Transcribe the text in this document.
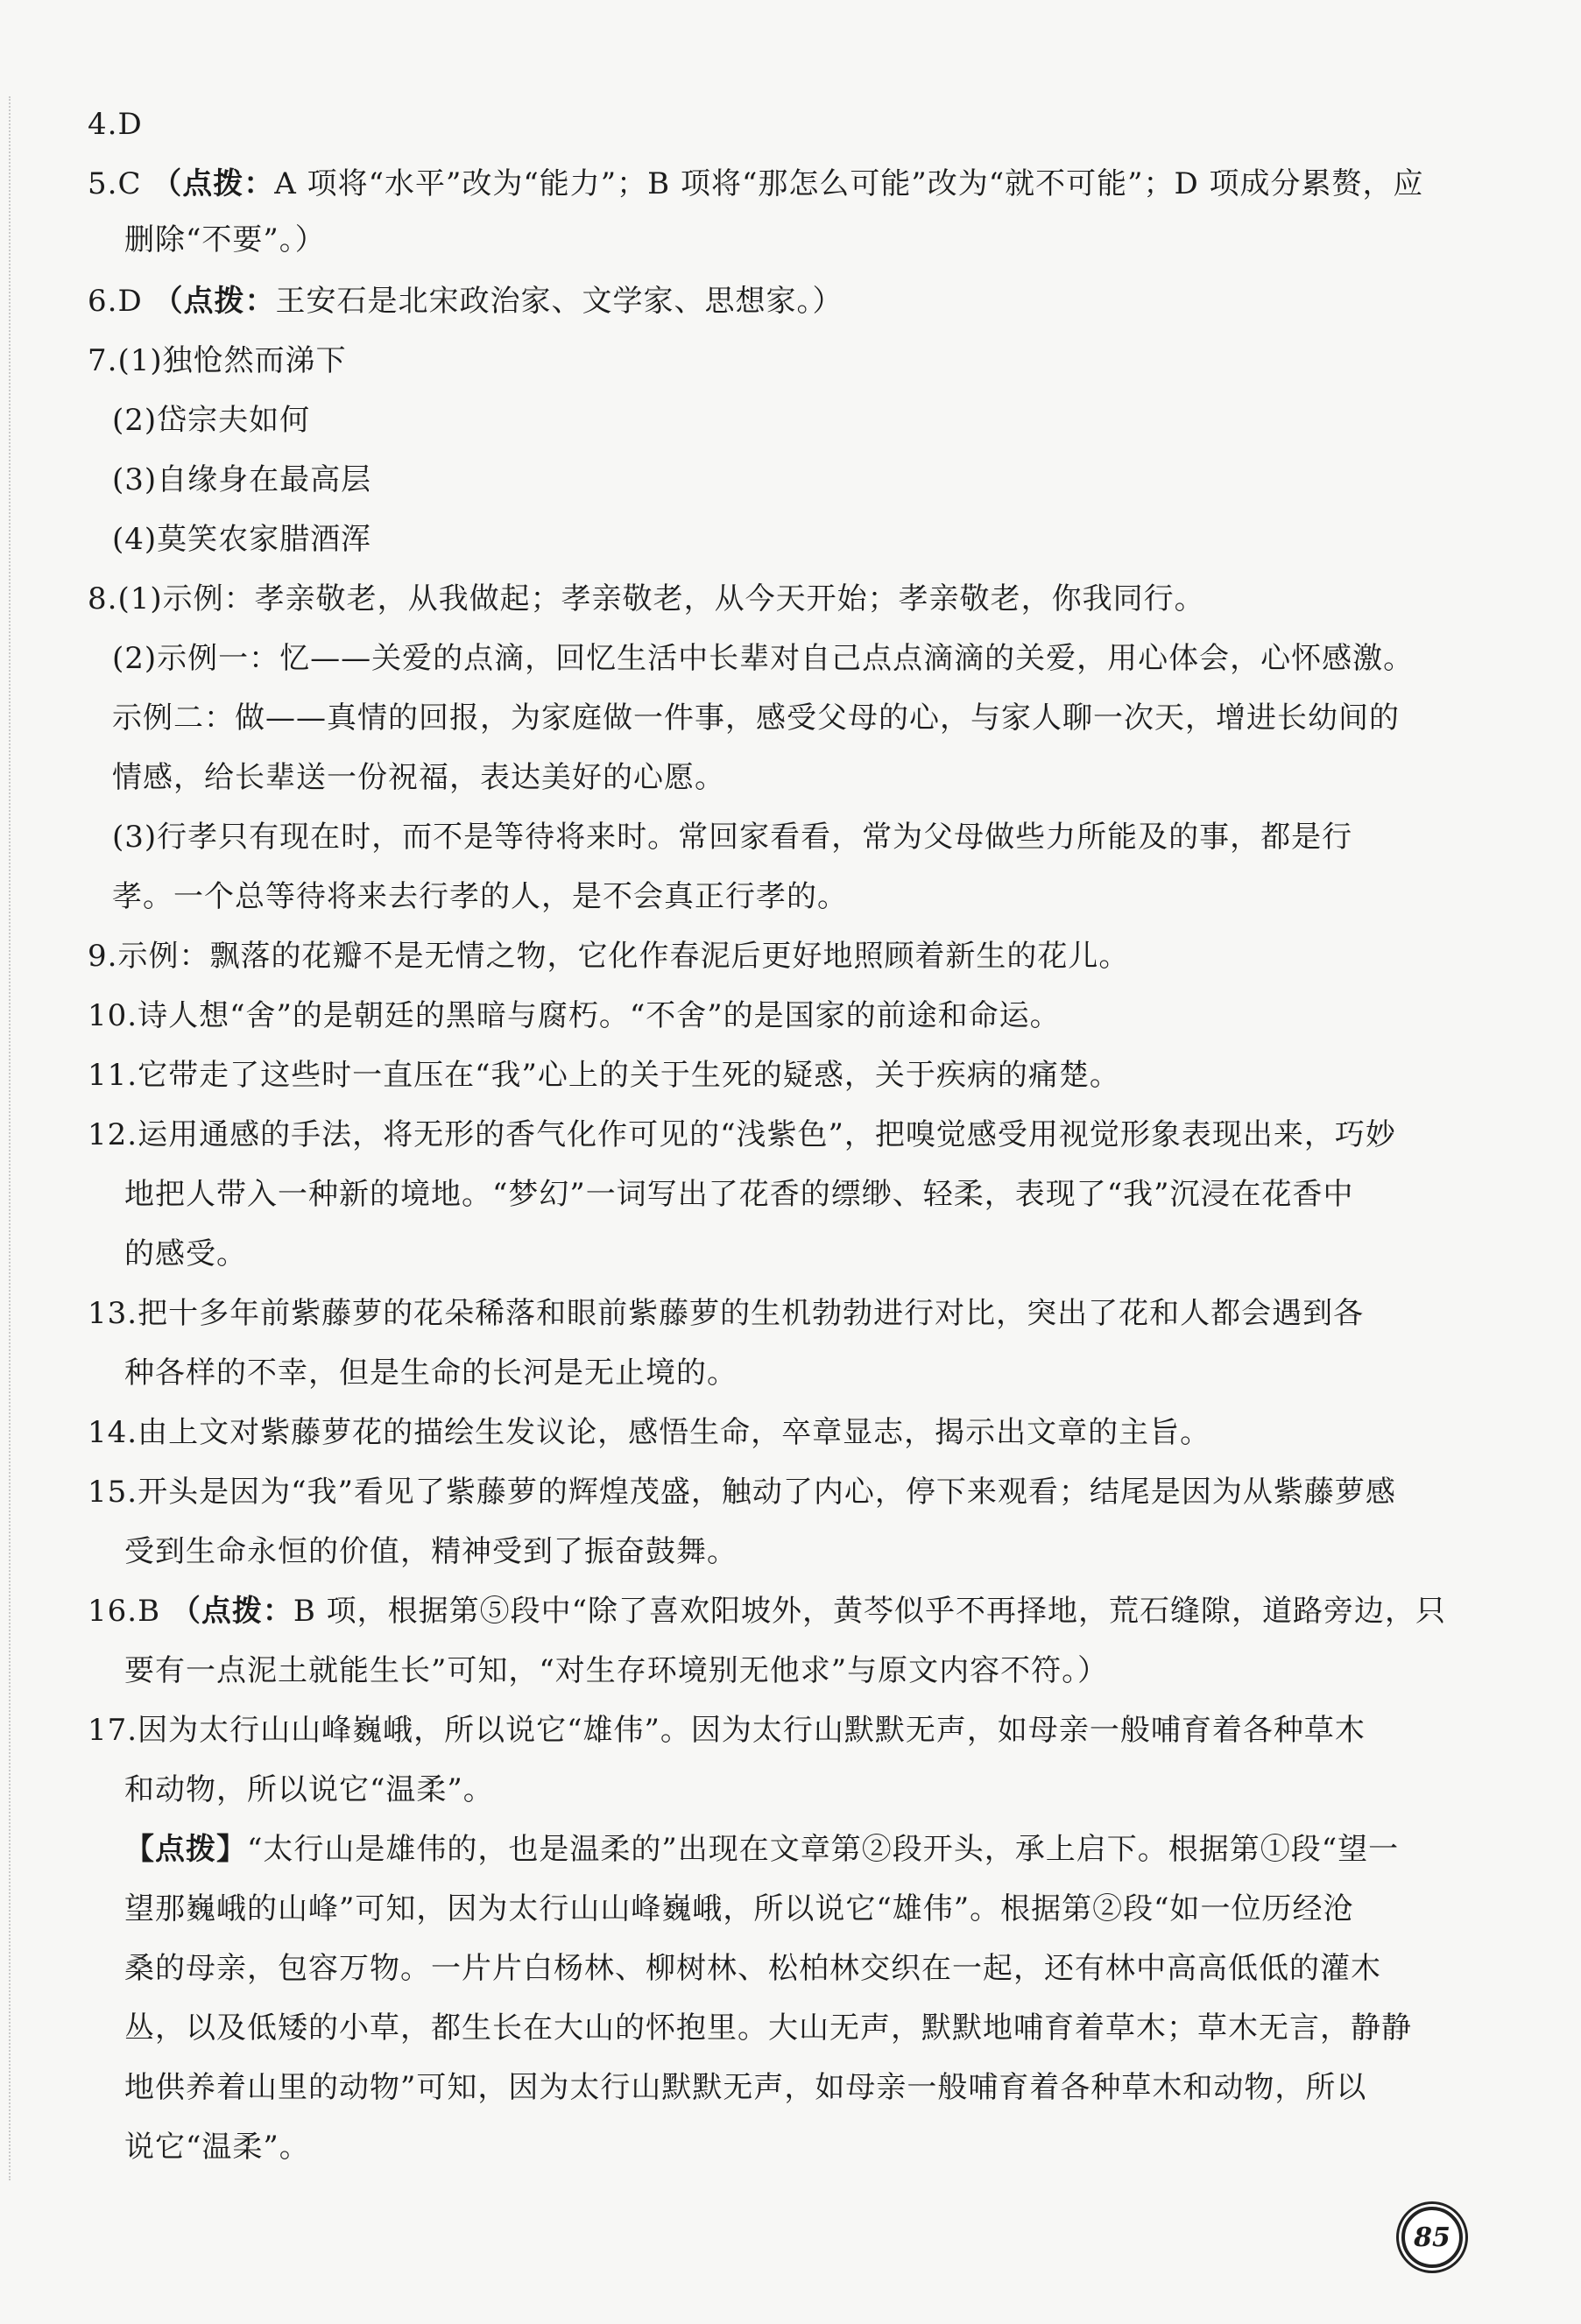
4.D
5.C （点拨：A 项将“水平”改为“能力”；B 项将“那怎么可能”改为“就不可能”；D 项成分累赘，应
删除“不要”。）
6.D （点拨：王安石是北宋政治家、文学家、思想家。）
7.(1)独怆然而涕下
(2)岱宗夫如何
(3)自缘身在最高层
(4)莫笑农家腊酒浑
8.(1)示例：孝亲敬老，从我做起；孝亲敬老，从今天开始；孝亲敬老，你我同行。
(2)示例一：忆——关爱的点滴，回忆生活中长辈对自己点点滴滴的关爱，用心体会，心怀感激。
示例二：做——真情的回报，为家庭做一件事，感受父母的心，与家人聊一次天，增进长幼间的
情感，给长辈送一份祝福，表达美好的心愿。
(3)行孝只有现在时，而不是等待将来时。常回家看看，常为父母做些力所能及的事，都是行
孝。一个总等待将来去行孝的人，是不会真正行孝的。
9.示例：飘落的花瓣不是无情之物，它化作春泥后更好地照顾着新生的花儿。
10.诗人想“舍”的是朝廷的黑暗与腐朽。“不舍”的是国家的前途和命运。
11.它带走了这些时一直压在“我”心上的关于生死的疑惑，关于疾病的痛楚。
12.运用通感的手法，将无形的香气化作可见的“浅紫色”，把嗅觉感受用视觉形象表现出来，巧妙
地把人带入一种新的境地。“梦幻”一词写出了花香的缥缈、轻柔，表现了“我”沉浸在花香中
的感受。
13.把十多年前紫藤萝的花朵稀落和眼前紫藤萝的生机勃勃进行对比，突出了花和人都会遇到各
种各样的不幸，但是生命的长河是无止境的。
14.由上文对紫藤萝花的描绘生发议论，感悟生命，卒章显志，揭示出文章的主旨。
15.开头是因为“我”看见了紫藤萝的辉煌茂盛，触动了内心，停下来观看；结尾是因为从紫藤萝感
受到生命永恒的价值，精神受到了振奋鼓舞。
16.B （点拨：B 项，根据第⑤段中“除了喜欢阳坡外，黄芩似乎不再择地，荒石缝隙，道路旁边，只
要有一点泥土就能生长”可知，“对生存环境别无他求”与原文内容不符。）
17.因为太行山山峰巍峨，所以说它“雄伟”。因为太行山默默无声，如母亲一般哺育着各种草木
和动物，所以说它“温柔”。
【点拨】“太行山是雄伟的，也是温柔的”出现在文章第②段开头，承上启下。根据第①段“望一
望那巍峨的山峰”可知，因为太行山山峰巍峨，所以说它“雄伟”。根据第②段“如一位历经沧
桑的母亲，包容万物。一片片白杨林、柳树林、松柏林交织在一起，还有林中高高低低的灌木
丛，以及低矮的小草，都生长在大山的怀抱里。大山无声，默默地哺育着草木；草木无言，静静
地供养着山里的动物”可知，因为太行山默默无声，如母亲一般哺育着各种草木和动物，所以
说它“温柔”。
85
